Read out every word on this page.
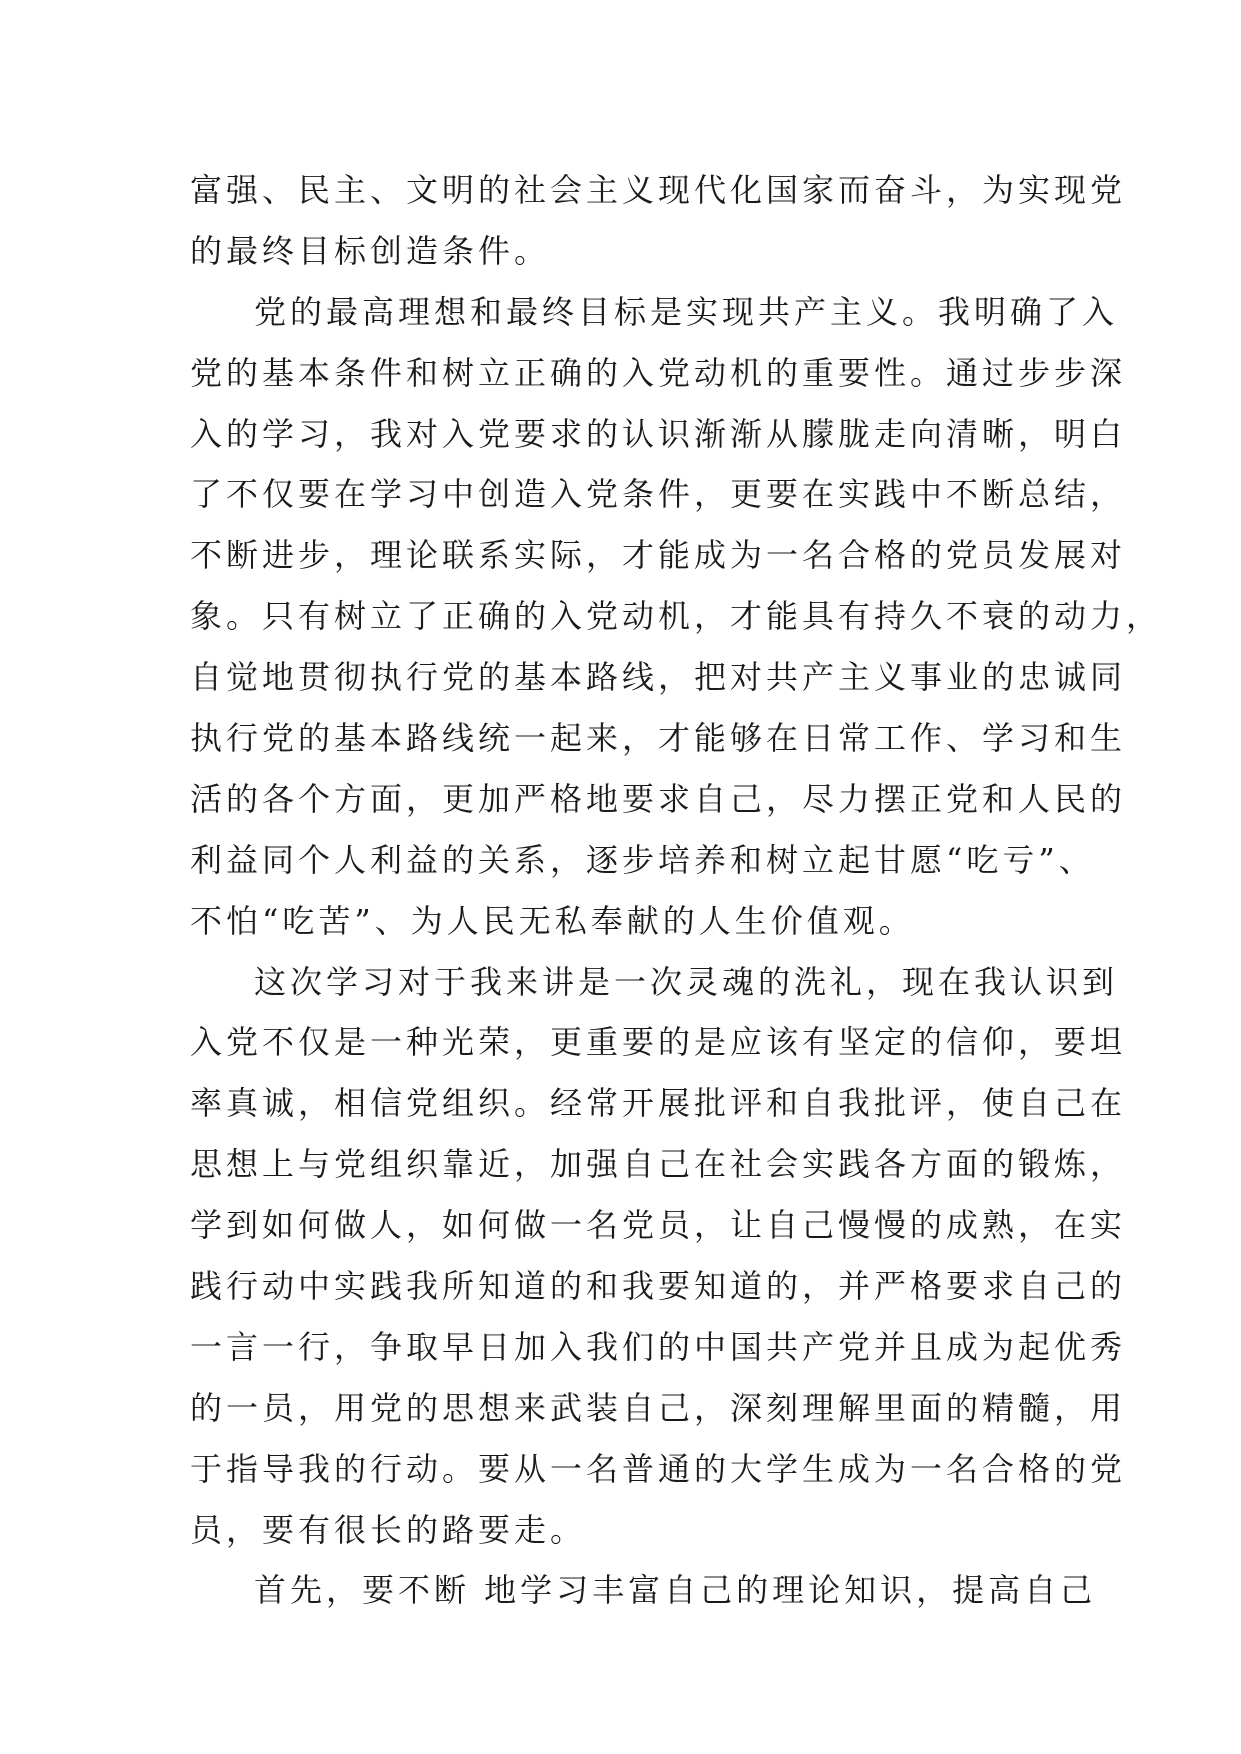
富强、民主、文明的社会主义现代化国家而奋斗，为实现党
的最终目标创造条件。
党的最高理想和最终目标是实现共产主义。我明确了入
党的基本条件和树立正确的入党动机的重要性。通过步步深
入的学习，我对入党要求的认识渐渐从朦胧走向清晰，明白
了不仅要在学习中创造入党条件，更要在实践中不断总结，
不断进步，理论联系实际，才能成为一名合格的党员发展对
象。只有树立了正确的入党动机，才能具有持久不衰的动力，
自觉地贯彻执行党的基本路线，把对共产主义事业的忠诚同
执行党的基本路线统一起来，才能够在日常工作、学习和生
活的各个方面，更加严格地要求自己，尽力摆正党和人民的
利益同个人利益的关系，逐步培养和树立起甘愿“吃亏”、
不怕“吃苦”、为人民无私奉献的人生价值观。
这次学习对于我来讲是一次灵魂的洗礼，现在我认识到
入党不仅是一种光荣，更重要的是应该有坚定的信仰，要坦
率真诚，相信党组织。经常开展批评和自我批评，使自己在
思想上与党组织靠近，加强自己在社会实践各方面的锻炼，
学到如何做人，如何做一名党员，让自己慢慢的成熟，在实
践行动中实践我所知道的和我要知道的，并严格要求自己的
一言一行，争取早日加入我们的中国共产党并且成为起优秀
的一员，用党的思想来武装自己，深刻理解里面的精髓，用
于指导我的行动。要从一名普通的大学生成为一名合格的党
员，要有很长的路要走。
首先，要不断 地学习丰富自己的理论知识，提高自己
